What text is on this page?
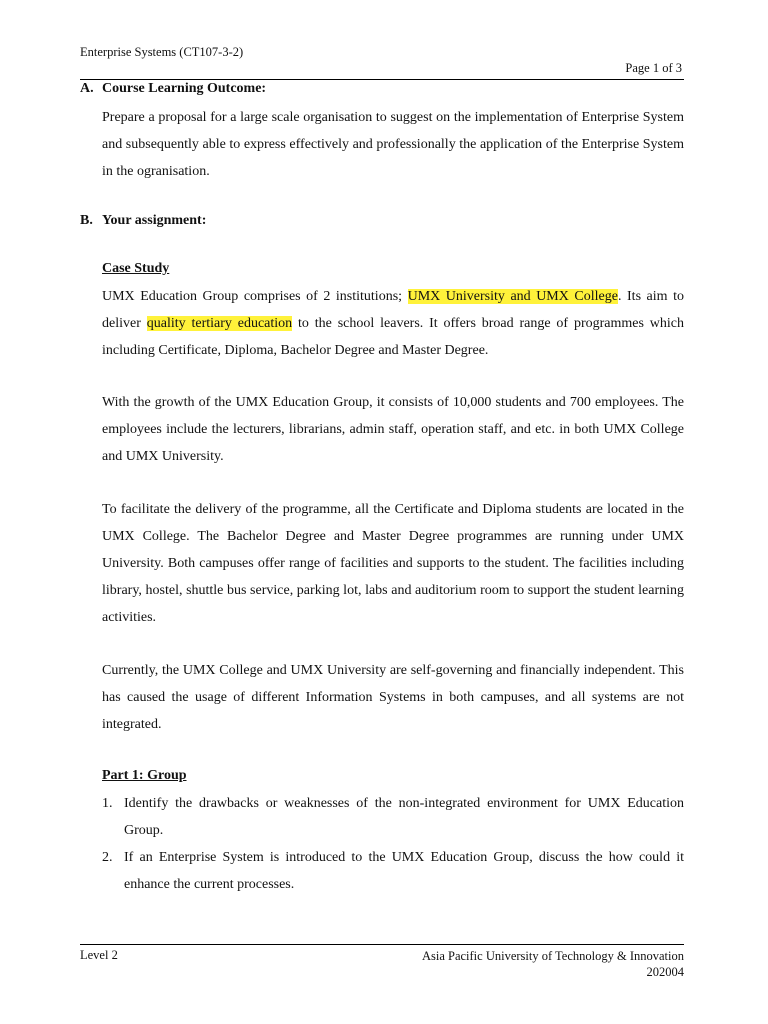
Enterprise Systems (CT107-3-2)
Page 1 of 3
A. Course Learning Outcome:

Prepare a proposal for a large scale organisation to suggest on the implementation of Enterprise System and subsequently able to express effectively and professionally the application of the Enterprise System in the ogranisation.

B. Your assignment:
Case Study

UMX Education Group comprises of 2 institutions; UMX University and UMX College. Its aim to deliver quality tertiary education to the school leavers. It offers broad range of programmes which including Certificate, Diploma, Bachelor Degree and Master Degree.

With the growth of the UMX Education Group, it consists of 10,000 students and 700 employees. The employees include the lecturers, librarians, admin staff, operation staff, and etc. in both UMX College and UMX University.

To facilitate the delivery of the programme, all the Certificate and Diploma students are located in the UMX College. The Bachelor Degree and Master Degree programmes are running under UMX University. Both campuses offer range of facilities and supports to the student. The facilities including library, hostel, shuttle bus service, parking lot, labs and auditorium room to support the student learning activities.

Currently, the UMX College and UMX University are self-governing and financially independent. This has caused the usage of different Information Systems in both campuses, and all systems are not integrated.

Part 1: Group
1. Identify the drawbacks or weaknesses of the non-integrated environment for UMX Education Group.
2. If an Enterprise System is introduced to the UMX Education Group, discuss the how could it enhance the current processes.
Level 2	Asia Pacific University of Technology & Innovation
202004
